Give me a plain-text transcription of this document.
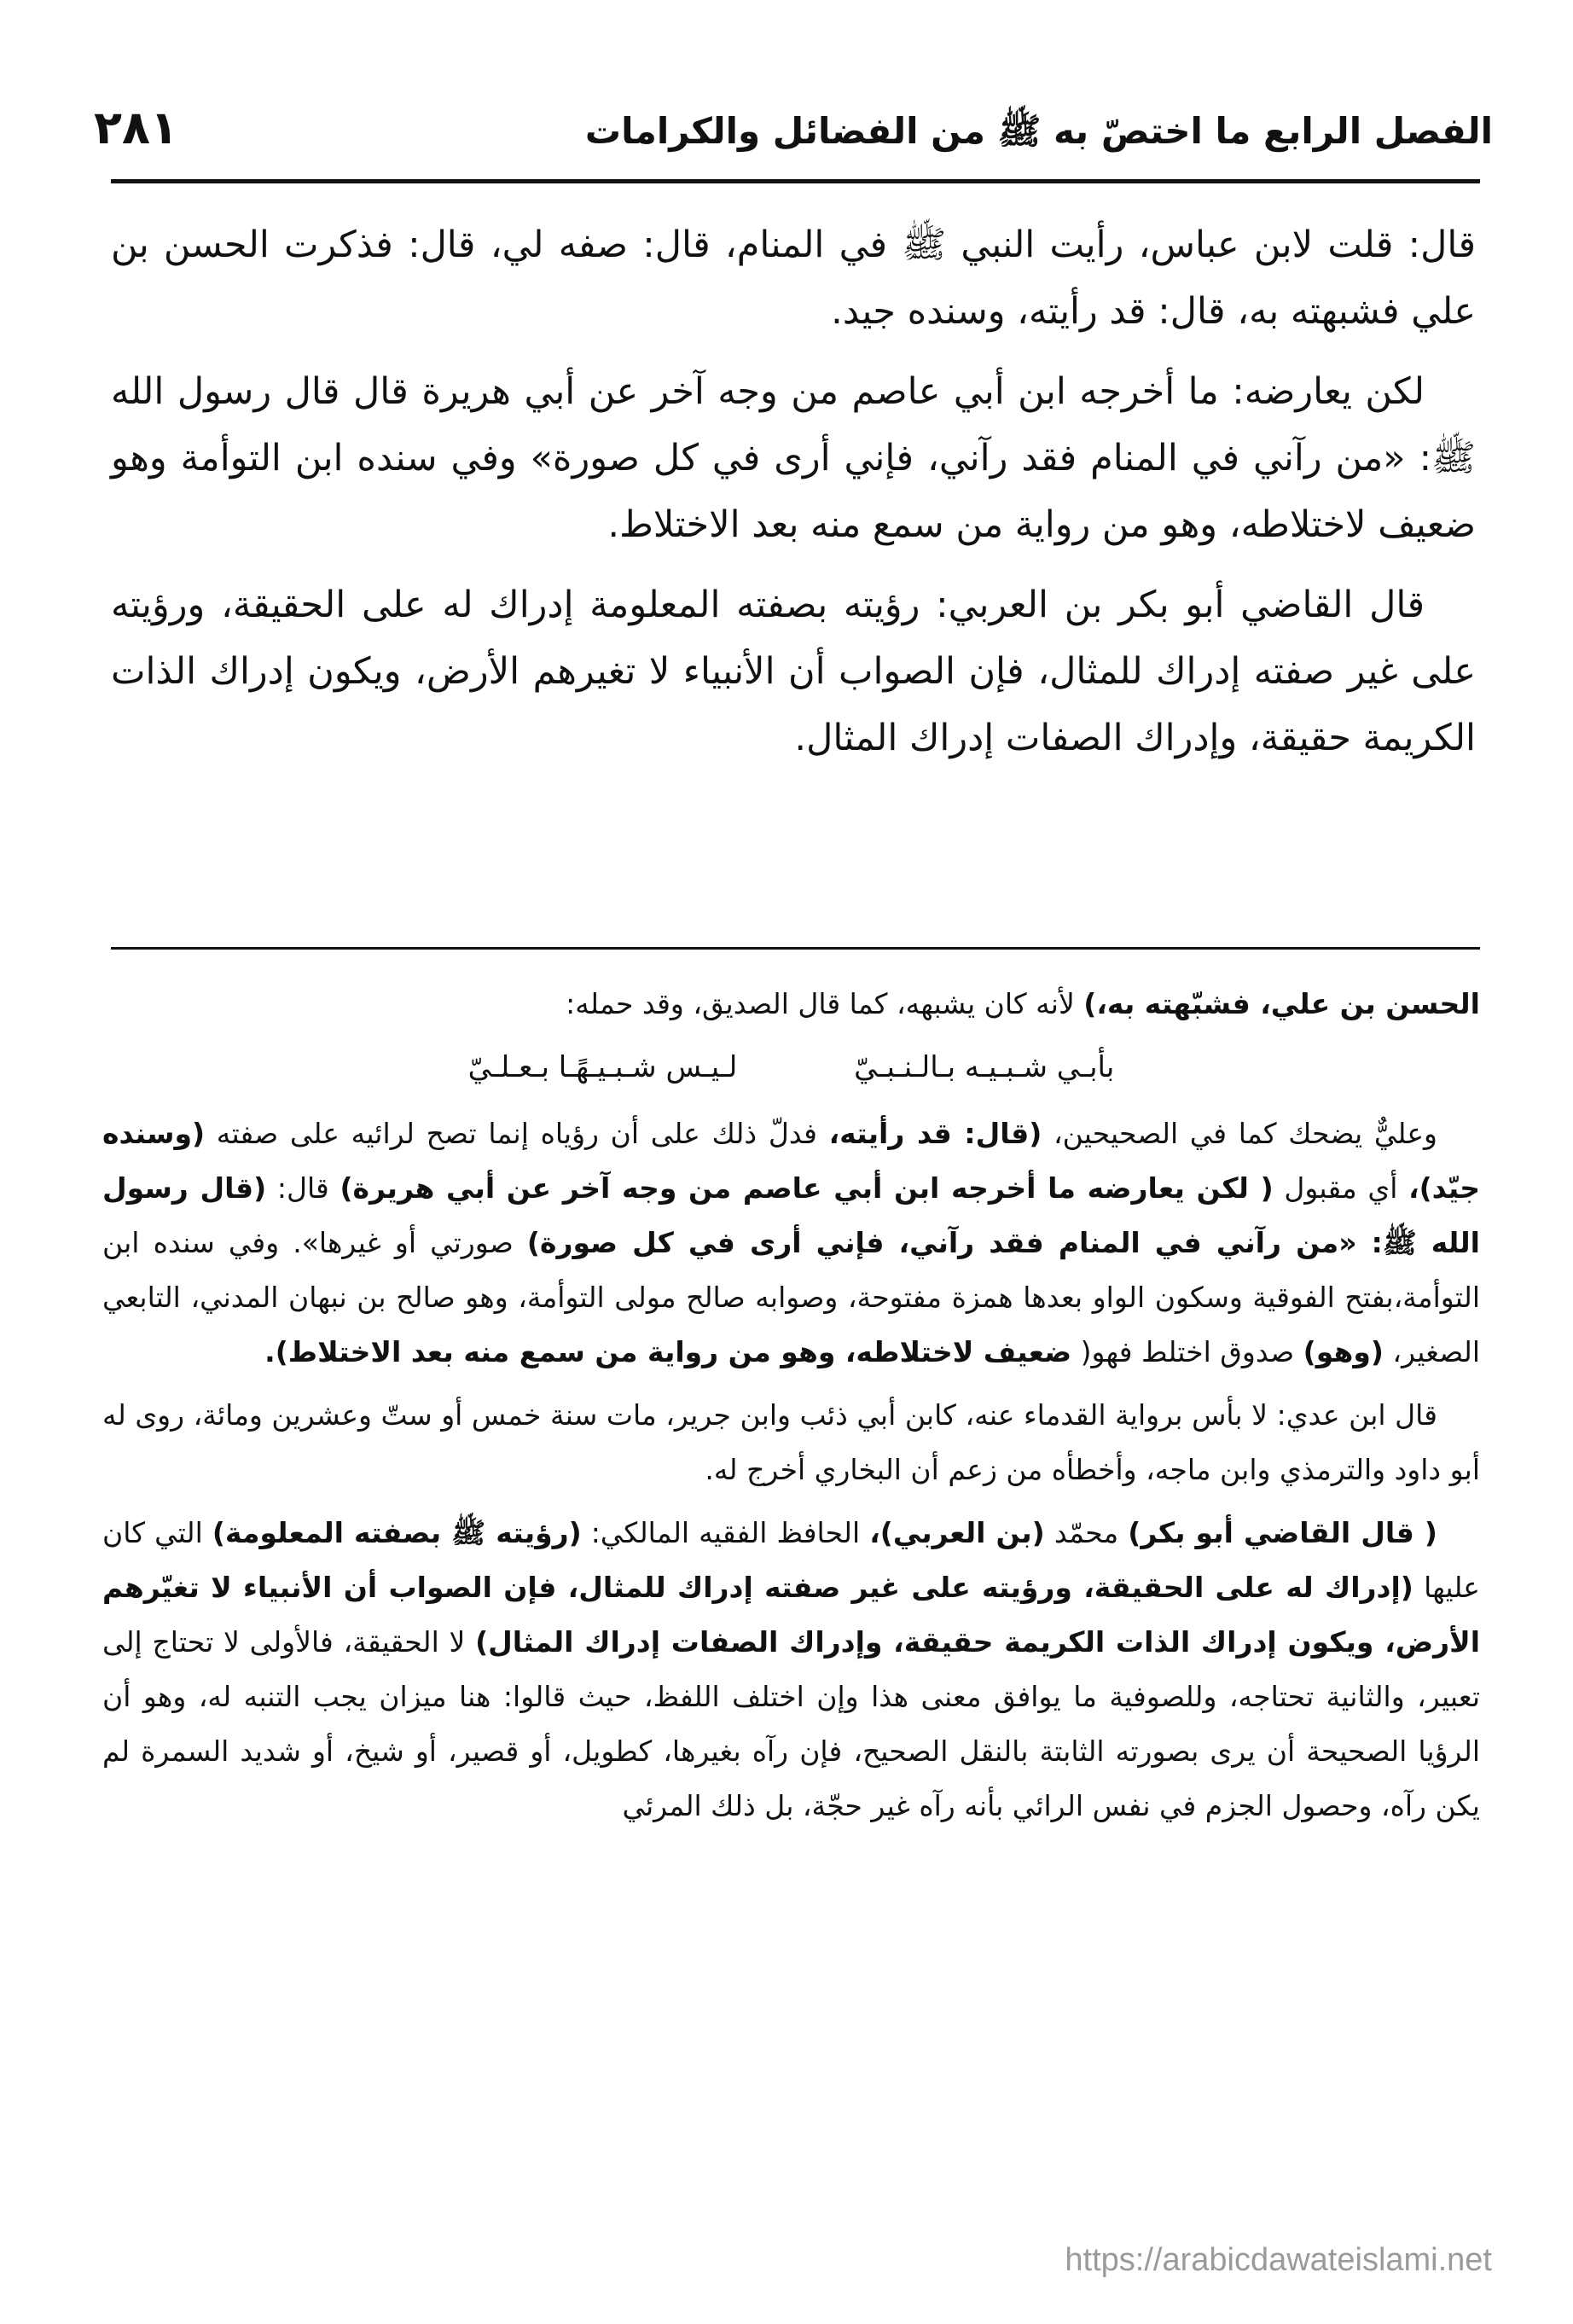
٢٨١	الفصل الرابع ما اختصّ به ﷺ من الفضائل والكرامات

قال: قلت لابن عباس، رأيت النبي ﷺ في المنام، قال: صفه لي، قال: فذكرت الحسن بن علي فشبهته به، قال: قد رأيته، وسنده جيد.

لكن يعارضه: ما أخرجه ابن أبي عاصم من وجه آخر عن أبي هريرة قال قال رسول الله ﷺ: «من رآني في المنام فقد رآني، فإني أرى في كل صورة» وفي سنده ابن التوأمة وهو ضعيف لاختلاطه، وهو من رواية من سمع منه بعد الاختلاط.

قال القاضي أبو بكر بن العربي: رؤيته بصفته المعلومة إدراك له على الحقيقة، ورؤيته على غير صفته إدراك للمثال، فإن الصواب أن الأنبياء لا تغيرهم الأرض، ويكون إدراك الذات الكريمة حقيقة، وإدراك الصفات إدراك المثال.

الحسن بن علي، فشبّهته به،) لأنه كان يشبهه، كما قال الصديق، وقد حمله:

بأبـي شـبـيـه بـالـنـبـيّ لـيـس شـبـيـهًـا بـعـلـيّ

وعليٌّ يضحك كما في الصحيحين، (قال: قد رأيته، فدلّ ذلك على أن رؤياه إنما تصح لرائيه على صفته (وسنده جيّد)، أي مقبول ( لكن يعارضه ما أخرجه ابن أبي عاصم من وجه آخر عن أبي هريرة) قال: (قال رسول الله ﷺ: «من رآني في المنام فقد رآني، فإني أرى في كل صورة) صورتي أو غيرها». وفي سنده ابن التوأمة،بفتح الفوقية وسكون الواو بعدها همزة مفتوحة، وصوابه صالح مولى التوأمة، وهو صالح بن نبهان المدني، التابعي الصغير، (وهو) صدوق اختلط فهو( ضعيف لاختلاطه، وهو من رواية من سمع منه بعد الاختلاط).

قال ابن عدي: لا بأس برواية القدماء عنه، كابن أبي ذئب وابن جرير، مات سنة خمس أو ستّ وعشرين ومائة، روى له أبو داود والترمذي وابن ماجه، وأخطأه من زعم أن البخاري أخرج له.

( قال القاضي أبو بكر) محمّد (بن العربي)، الحافظ الفقيه المالكي: (رؤيته ﷺ بصفته المعلومة) التي كان عليها (إدراك له على الحقيقة، ورؤيته على غير صفته إدراك للمثال، فإن الصواب أن الأنبياء لا تغيّرهم الأرض، ويكون إدراك الذات الكريمة حقيقة، وإدراك الصفات إدراك المثال) لا الحقيقة، فالأولى لا تحتاج إلى تعبير، والثانية تحتاجه، وللصوفية ما يوافق معنى هذا وإن اختلف اللفظ، حيث قالوا: هنا ميزان يجب التنبه له، وهو أن الرؤيا الصحيحة أن يرى بصورته الثابتة بالنقل الصحيح، فإن رآه بغيرها، كطويل، أو قصير، أو شيخ، أو شديد السمرة لم يكن رآه، وحصول الجزم في نفس الرائي بأنه رآه غير حجّة، بل ذلك المرئي

https://arabicdawateislami.net
